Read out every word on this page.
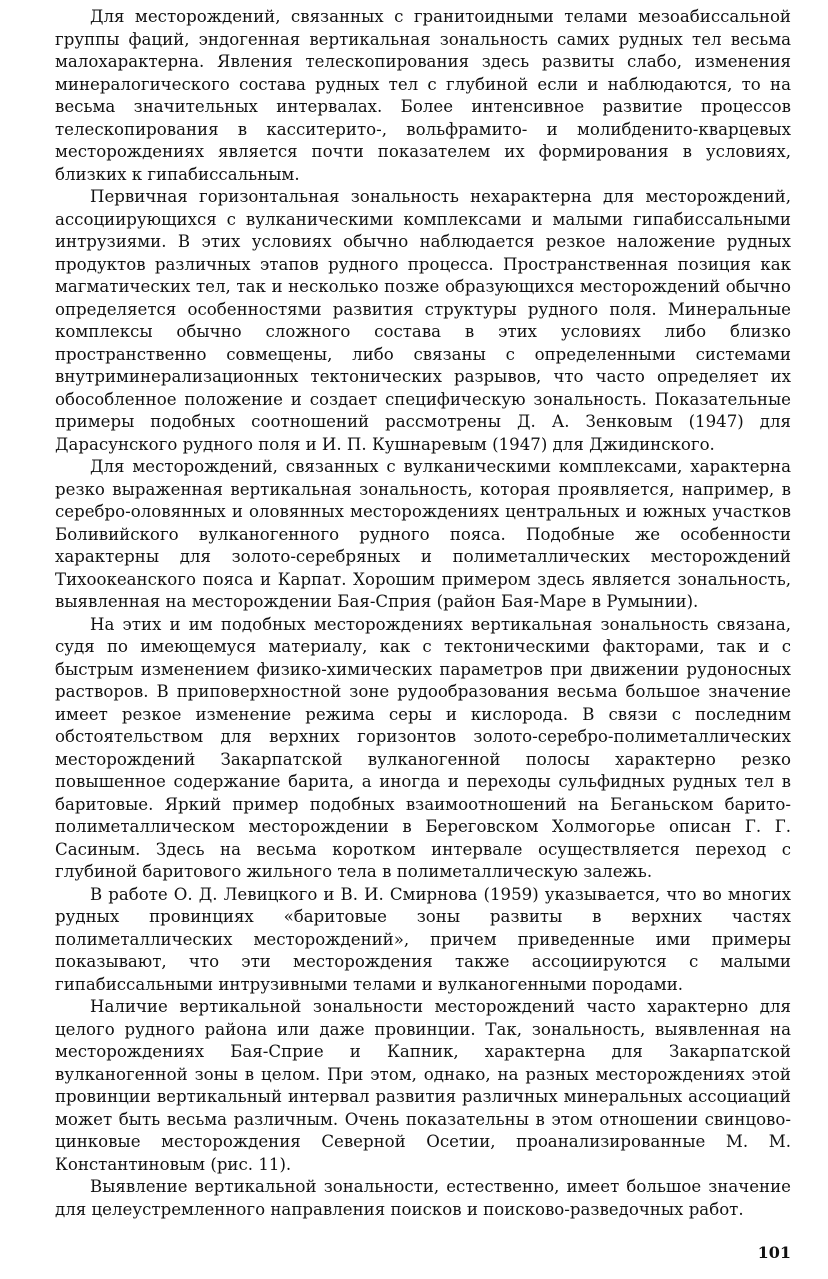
Для месторождений, связанных с гранитоидными телами мезоабиссальной группы фаций, эндогенная вертикальная зональность самих рудных тел весьма малохарактерна. Явления телескопирования здесь развиты слабо, изменения минералогического состава рудных тел с глубиной если и наблюдаются, то на весьма значительных интервалах. Более интенсивное развитие процессов телескопирования в касситерито-, вольфрамито- и молибденито-кварцевых месторождениях является почти показателем их формирования в условиях, близких к гипабиссальным.

Первичная горизонтальная зональность нехарактерна для месторождений, ассоциирующихся с вулканическими комплексами и малыми гипабиссальными интрузиями. В этих условиях обычно наблюдается резкое наложение рудных продуктов различных этапов рудного процесса. Пространственная позиция как магматических тел, так и несколько позже образующихся месторождений обычно определяется особенностями развития структуры рудного поля. Минеральные комплексы обычно сложного состава в этих условиях либо близко пространственно совмещены, либо связаны с определенными системами внутриминерализационных тектонических разрывов, что часто определяет их обособленное положение и создает специфическую зональность. Показательные примеры подобных соотношений рассмотрены Д. А. Зенковым (1947) для Дарасунского рудного поля и И. П. Кушнаревым (1947) для Джидинского.

Для месторождений, связанных с вулканическими комплексами, характерна резко выраженная вертикальная зональность, которая проявляется, например, в серебро-оловянных и оловянных месторождениях центральных и южных участков Боливийского вулканогенного рудного пояса. Подобные же особенности характерны для золото-серебряных и полиметаллических месторождений Тихоокеанского пояса и Карпат. Хорошим примером здесь является зональность, выявленная на месторождении Бая-Сприя (район Бая-Маре в Румынии).

На этих и им подобных месторождениях вертикальная зональность связана, судя по имеющемуся материалу, как с тектоническими факторами, так и с быстрым изменением физико-химических параметров при движении рудоносных растворов. В приповерхностной зоне рудообразования весьма большое значение имеет резкое изменение режима серы и кислорода. В связи с последним обстоятельством для верхних горизонтов золото-серебро-полиметаллических месторождений Закарпатской вулканогенной полосы характерно резко повышенное содержание барита, а иногда и переходы сульфидных рудных тел в баритовые. Яркий пример подобных взаимоотношений на Беганьском барито-полиметаллическом месторождении в Береговском Холмогорье описан Г. Г. Сасиным. Здесь на весьма коротком интервале осуществляется переход с глубиной баритового жильного тела в полиметаллическую залежь.

В работе О. Д. Левицкого и В. И. Смирнова (1959) указывается, что во многих рудных провинциях «баритовые зоны развиты в верхних частях полиметаллических месторождений», причем приведенные ими примеры показывают, что эти месторождения также ассоциируются с малыми гипабиссальными интрузивными телами и вулканогенными породами.

Наличие вертикальной зональности месторождений часто характерно для целого рудного района или даже провинции. Так, зональность, выявленная на месторождениях Бая-Сприе и Капник, характерна для Закарпатской вулканогенной зоны в целом. При этом, однако, на разных месторождениях этой провинции вертикальный интервал развития различных минеральных ассоциаций может быть весьма различным. Очень показательны в этом отношении свинцово-цинковые месторождения Северной Осетии, проанализированные М. М. Константиновым (рис. 11).

Выявление вертикальной зональности, естественно, имеет большое значение для целеустремленного направления поисков и поисково-разведочных работ.

101
